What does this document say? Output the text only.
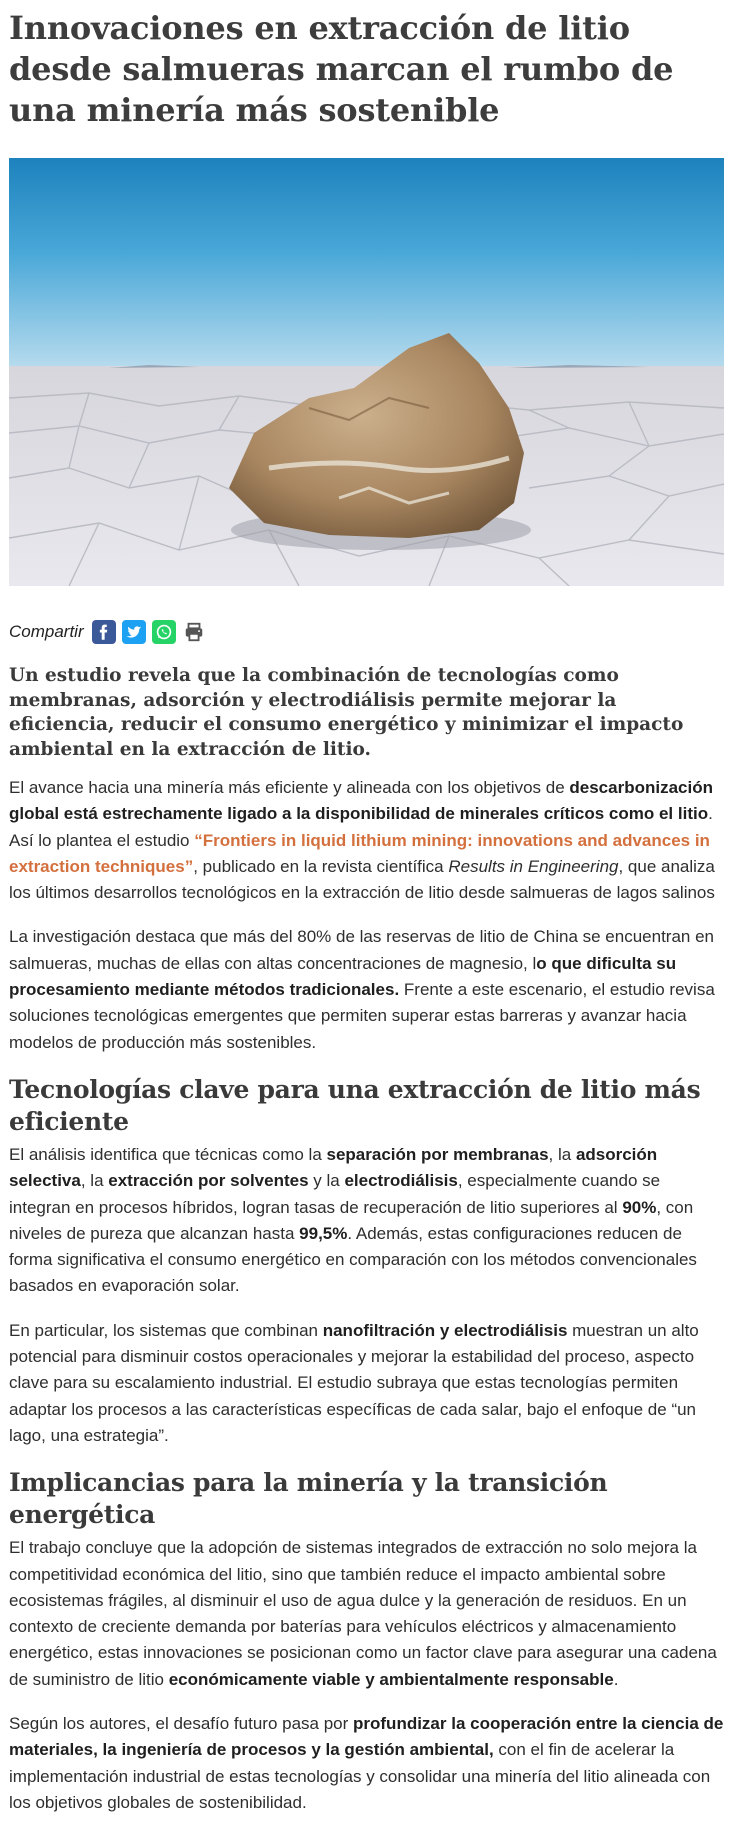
Innovaciones en extracción de litio desde salmueras marcan el rumbo de una minería más sostenible
Compartir

Un estudio revela que la combinación de tecnologías como membranas, adsorción y electrodiálisis permite mejorar la eficiencia, reducir el consumo energético y minimizar el impacto ambiental en la extracción de litio.

El avance hacia una minería más eficiente y alineada con los objetivos de descarbonización global está estrechamente ligado a la disponibilidad de minerales críticos como el litio. Así lo plantea el estudio “Frontiers in liquid lithium mining: innovations and advances in extraction techniques”, publicado en la revista científica Results in Engineering, que analiza los últimos desarrollos tecnológicos en la extracción de litio desde salmueras de lagos salinos

La investigación destaca que más del 80% de las reservas de litio de China se encuentran en salmueras, muchas de ellas con altas concentraciones de magnesio, lo que dificulta su procesamiento mediante métodos tradicionales. Frente a este escenario, el estudio revisa soluciones tecnológicas emergentes que permiten superar estas barreras y avanzar hacia modelos de producción más sostenibles.

Tecnologías clave para una extracción de litio más eficiente

El análisis identifica que técnicas como la separación por membranas, la adsorción selectiva, la extracción por solventes y la electrodiálisis, especialmente cuando se integran en procesos híbridos, logran tasas de recuperación de litio superiores al 90%, con niveles de pureza que alcanzan hasta 99,5%. Además, estas configuraciones reducen de forma significativa el consumo energético en comparación con los métodos convencionales basados en evaporación solar.

En particular, los sistemas que combinan nanofiltración y electrodiálisis muestran un alto potencial para disminuir costos operacionales y mejorar la estabilidad del proceso, aspecto clave para su escalamiento industrial. El estudio subraya que estas tecnologías permiten adaptar los procesos a las características específicas de cada salar, bajo el enfoque de “un lago, una estrategia”.

Implicancias para la minería y la transición energética

El trabajo concluye que la adopción de sistemas integrados de extracción no solo mejora la competitividad económica del litio, sino que también reduce el impacto ambiental sobre ecosistemas frágiles, al disminuir el uso de agua dulce y la generación de residuos. En un contexto de creciente demanda por baterías para vehículos eléctricos y almacenamiento energético, estas innovaciones se posicionan como un factor clave para asegurar una cadena de suministro de litio económicamente viable y ambientalmente responsable.

Según los autores, el desafío futuro pasa por profundizar la cooperación entre la ciencia de materiales, la ingeniería de procesos y la gestión ambiental, con el fin de acelerar la implementación industrial de estas tecnologías y consolidar una minería del litio alineada con los objetivos globales de sostenibilidad.
